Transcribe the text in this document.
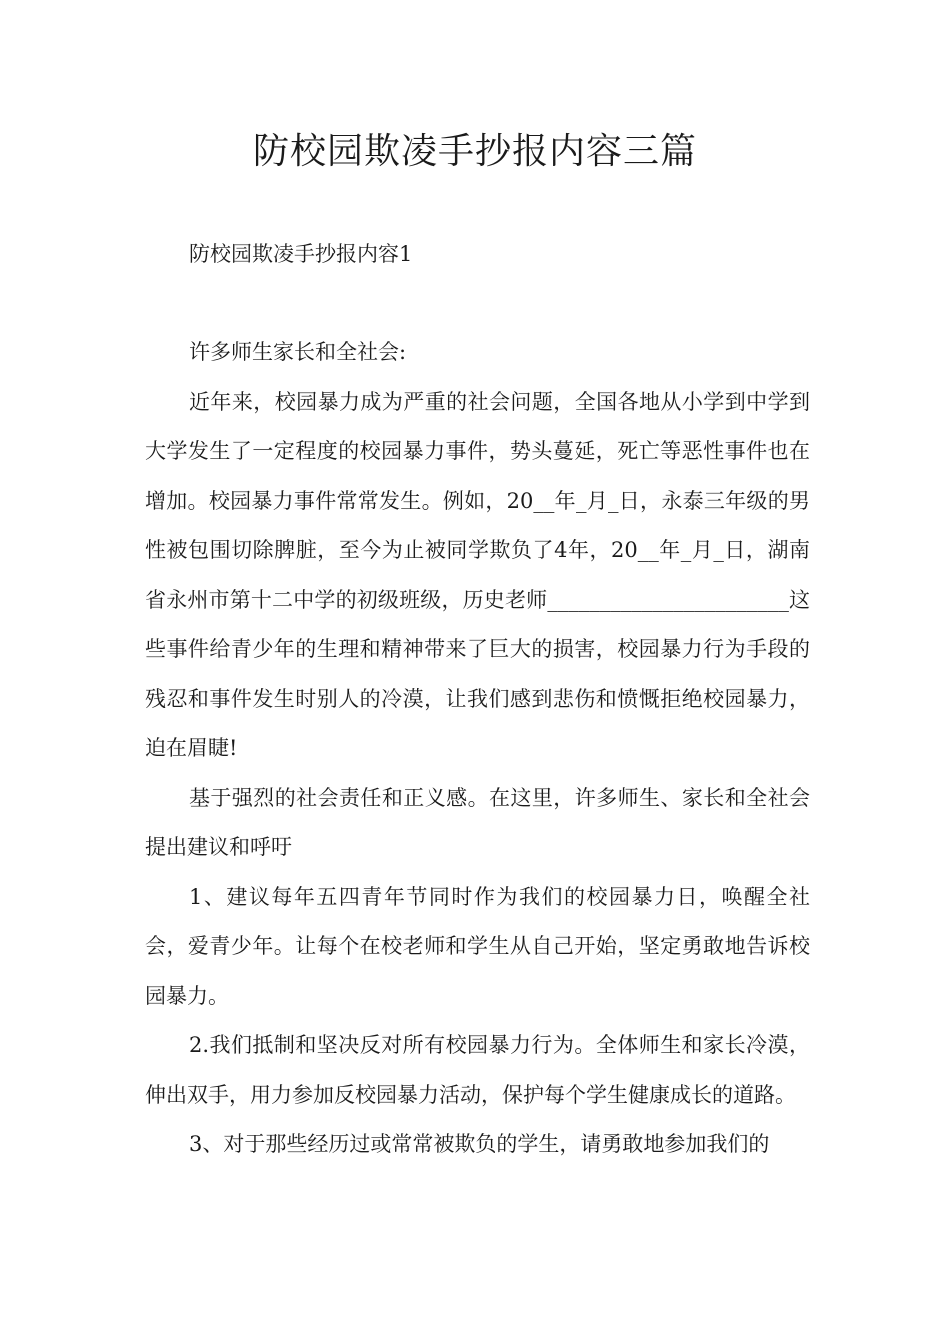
防校园欺凌手抄报内容三篇

防校园欺凌手抄报内容1

许多师生家长和全社会:

近年来，校园暴力成为严重的社会问题，全国各地从小学到中学到大学发生了一定程度的校园暴力事件，势头蔓延，死亡等恶性事件也在增加。校园暴力事件常常发生。例如，20__年_月_日，永泰三年级的男性被包围切除脾脏，至今为止被同学欺负了4年，20__年_月_日，湖南省永州市第十二中学的初级班级，历史老师_______________________这些事件给青少年的生理和精神带来了巨大的损害，校园暴力行为手段的残忍和事件发生时别人的冷漠，让我们感到悲伤和愤慨拒绝校园暴力，迫在眉睫!

基于强烈的社会责任和正义感。在这里，许多师生、家长和全社会提出建议和呼吁

1、建议每年五四青年节同时作为我们的校园暴力日，唤醒全社会，爱青少年。让每个在校老师和学生从自己开始，坚定勇敢地告诉校园暴力。

2.我们抵制和坚决反对所有校园暴力行为。全体师生和家长冷漠，伸出双手，用力参加反校园暴力活动，保护每个学生健康成长的道路。

3、对于那些经历过或常常被欺负的学生，请勇敢地参加我们的
